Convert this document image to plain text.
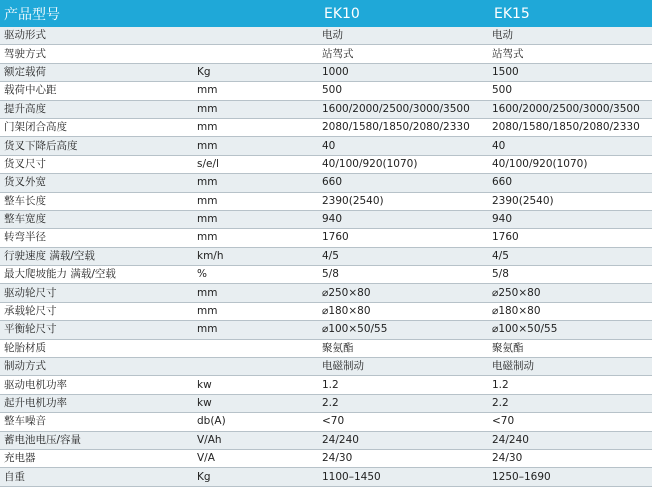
产品型号		EK10	EK15
驱动形式		电动	电动
驾驶方式		站驾式	站驾式
额定载荷	Kg	1000	1500
载荷中心距	mm	500	500
提升高度	mm	1600/2000/2500/3000/3500	1600/2000/2500/3000/3500
门架闭合高度	mm	2080/1580/1850/2080/2330	2080/1580/1850/2080/2330
货叉下降后高度	mm	40	40
货叉尺寸	s/e/l	40/100/920(1070)	40/100/920(1070)
货叉外宽	mm	660	660
整车长度	mm	2390(2540)	2390(2540)
整车宽度	mm	940	940
转弯半径	mm	1760	1760
行驶速度 满载/空载	km/h	4/5	4/5
最大爬坡能力 满载/空载	%	5/8	5/8
驱动轮尺寸	mm	⌀250×80	⌀250×80
承载轮尺寸	mm	⌀180×80	⌀180×80
平衡轮尺寸	mm	⌀100×50/55	⌀100×50/55
轮胎材质		聚氨酯	聚氨酯
制动方式		电磁制动	电磁制动
驱动电机功率	kw	1.2	1.2
起升电机功率	kw	2.2	2.2
整车噪音	db(A)	<70	<70
蓄电池电压/容量	V/Ah	24/240	24/240
充电器	V/A	24/30	24/30
自重	Kg	1100–1450	1250–1690
